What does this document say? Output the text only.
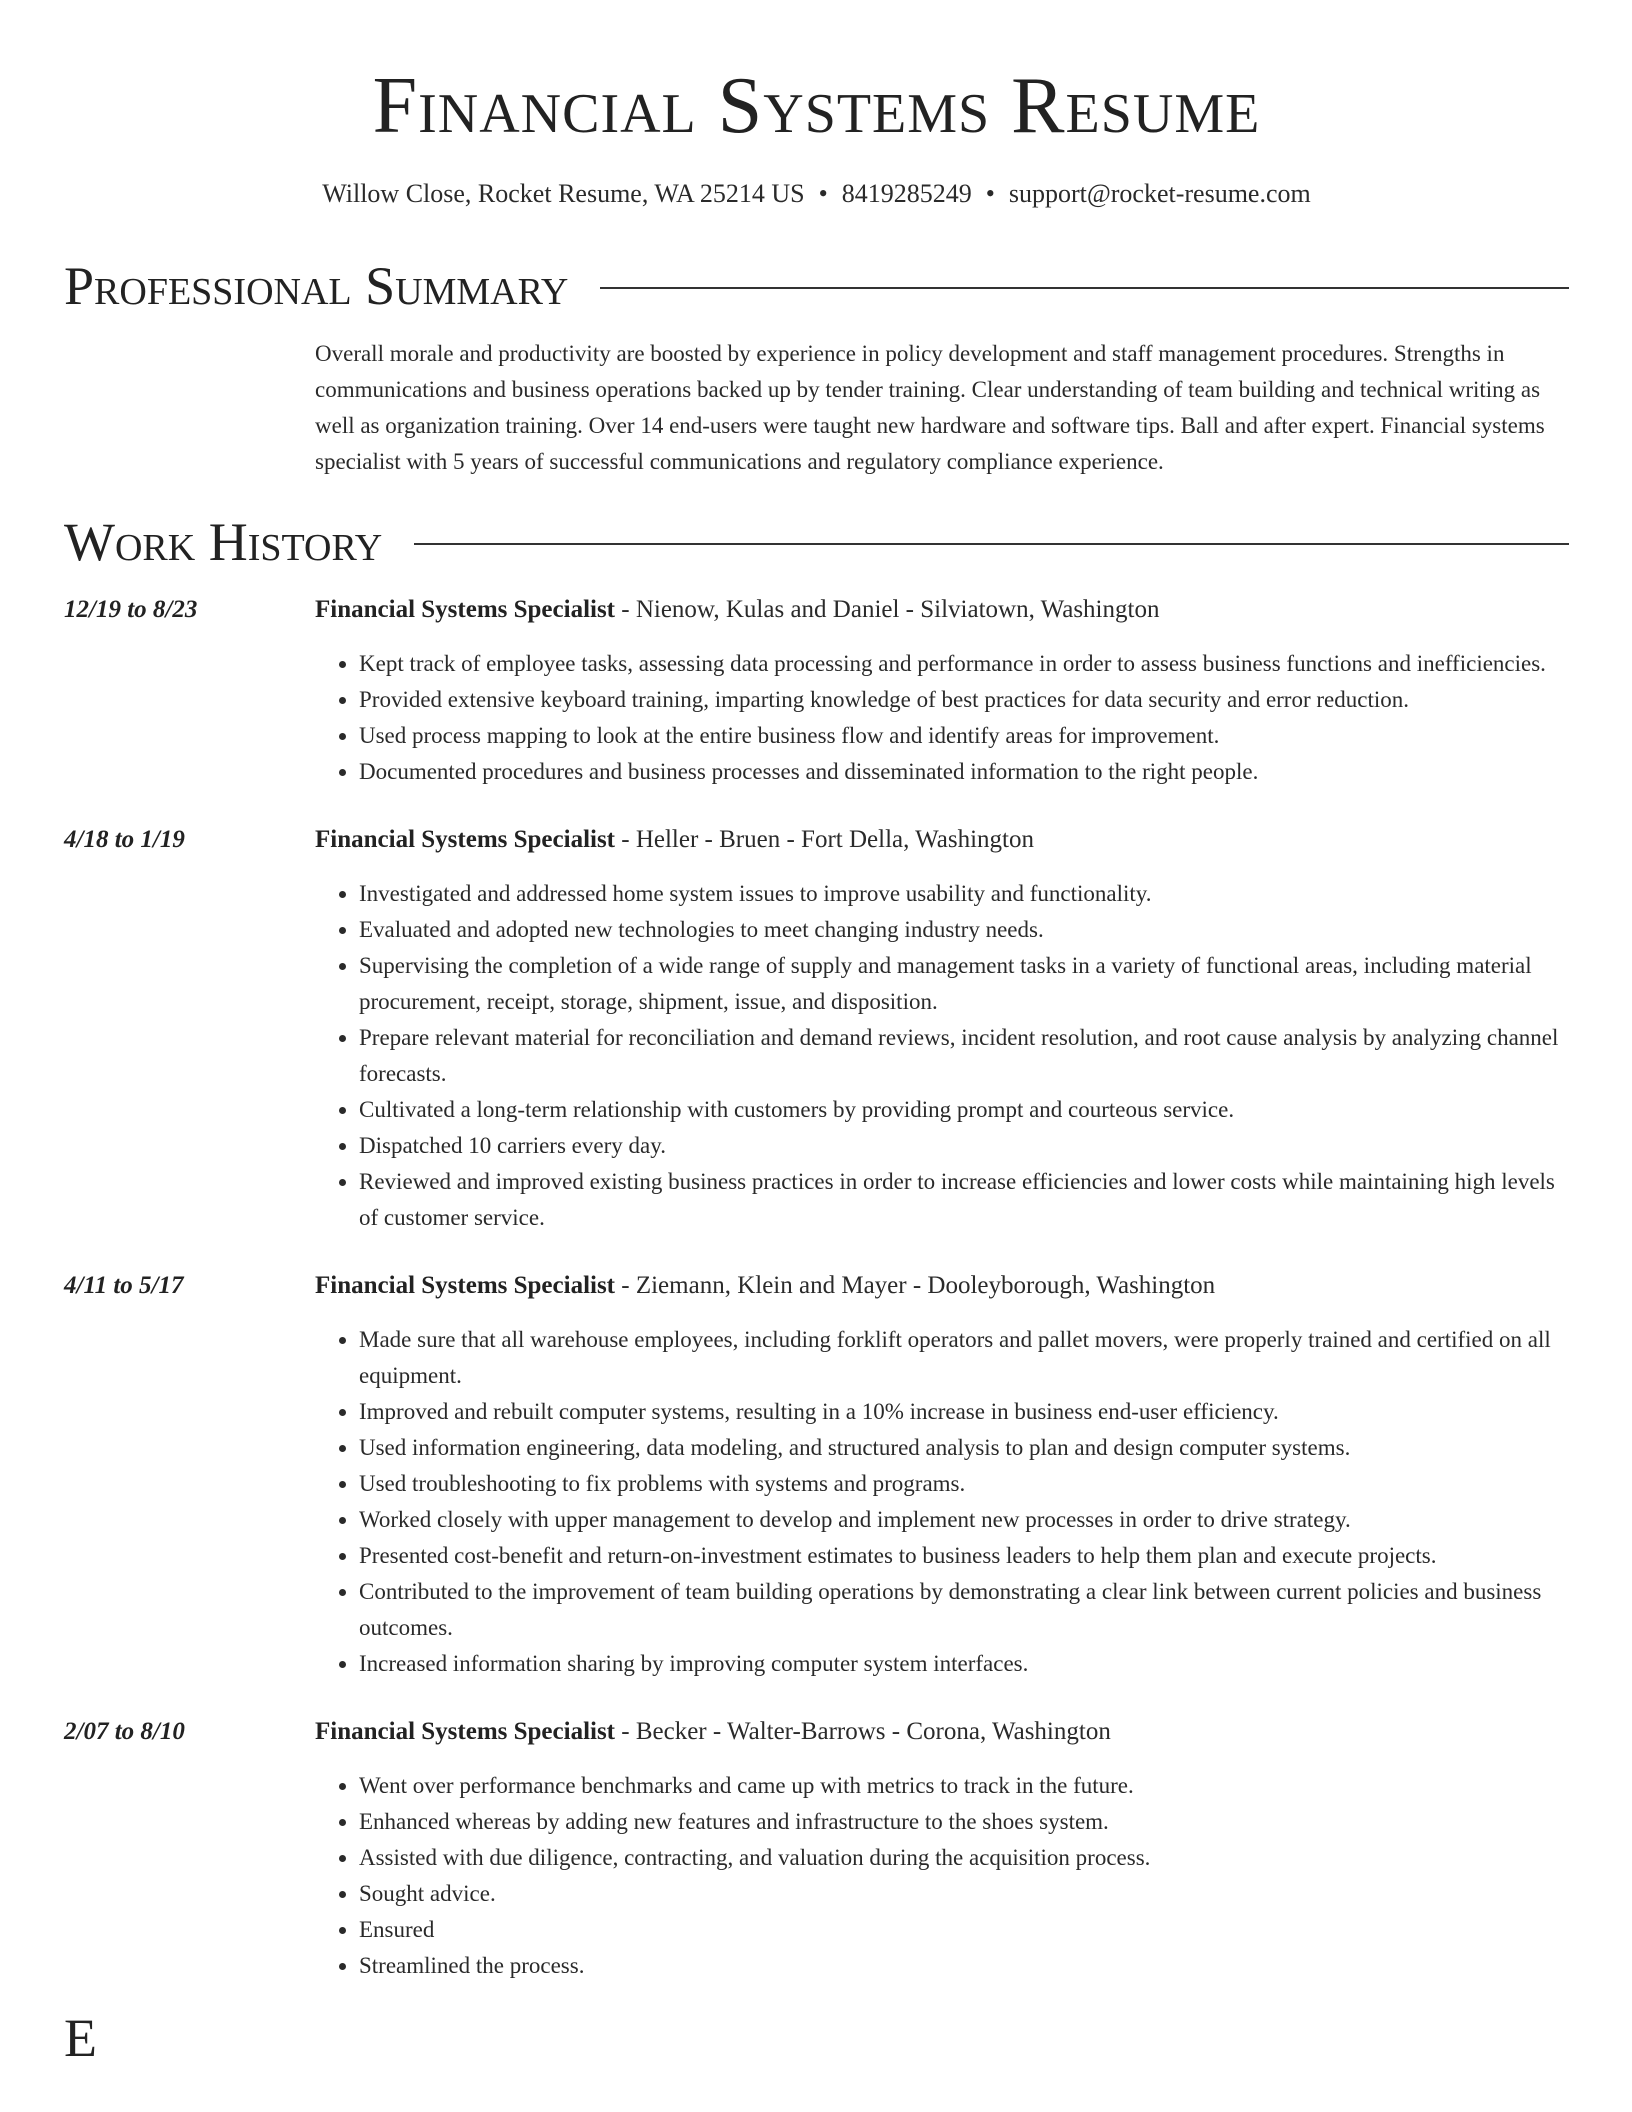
Financial Systems Resume
Willow Close, Rocket Resume, WA 25214 US • 8419285249 • support@rocket-resume.com
Professional Summary
Overall morale and productivity are boosted by experience in policy development and staff management procedures. Strengths in communications and business operations backed up by tender training. Clear understanding of team building and technical writing as well as organization training. Over 14 end-users were taught new hardware and software tips. Ball and after expert. Financial systems specialist with 5 years of successful communications and regulatory compliance experience.
Work History
12/19 to 8/23	Financial Systems Specialist - Nienow, Kulas and Daniel - Silviatown, Washington
• Kept track of employee tasks, assessing data processing and performance in order to assess business functions and inefficiencies.
• Provided extensive keyboard training, imparting knowledge of best practices for data security and error reduction.
• Used process mapping to look at the entire business flow and identify areas for improvement.
• Documented procedures and business processes and disseminated information to the right people.
4/18 to 1/19	Financial Systems Specialist - Heller - Bruen - Fort Della, Washington
• Investigated and addressed home system issues to improve usability and functionality.
• Evaluated and adopted new technologies to meet changing industry needs.
• Supervising the completion of a wide range of supply and management tasks in a variety of functional areas, including material procurement, receipt, storage, shipment, issue, and disposition.
• Prepare relevant material for reconciliation and demand reviews, incident resolution, and root cause analysis by analyzing channel forecasts.
• Cultivated a long-term relationship with customers by providing prompt and courteous service.
• Dispatched 10 carriers every day.
• Reviewed and improved existing business practices in order to increase efficiencies and lower costs while maintaining high levels of customer service.
4/11 to 5/17	Financial Systems Specialist - Ziemann, Klein and Mayer - Dooleyborough, Washington
• Made sure that all warehouse employees, including forklift operators and pallet movers, were properly trained and certified on all equipment.
• Improved and rebuilt computer systems, resulting in a 10% increase in business end-user efficiency.
• Used information engineering, data modeling, and structured analysis to plan and design computer systems.
• Used troubleshooting to fix problems with systems and programs.
• Worked closely with upper management to develop and implement new processes in order to drive strategy.
• Presented cost-benefit and return-on-investment estimates to business leaders to help them plan and execute projects.
• Contributed to the improvement of team building operations by demonstrating a clear link between current policies and business outcomes.
• Increased information sharing by improving computer system interfaces.
2/07 to 8/10	Financial Systems Specialist - Becker - Walter-Barrows - Corona, Washington
• Went over performance benchmarks and came up with metrics to track in the future.
• Enhanced whereas by adding new features and infrastructure to the shoes system.
• Assisted with due diligence, contracting, and valuation during the acquisition process.
• Sought advice.
• Ensured
• Streamlined the process.
E
